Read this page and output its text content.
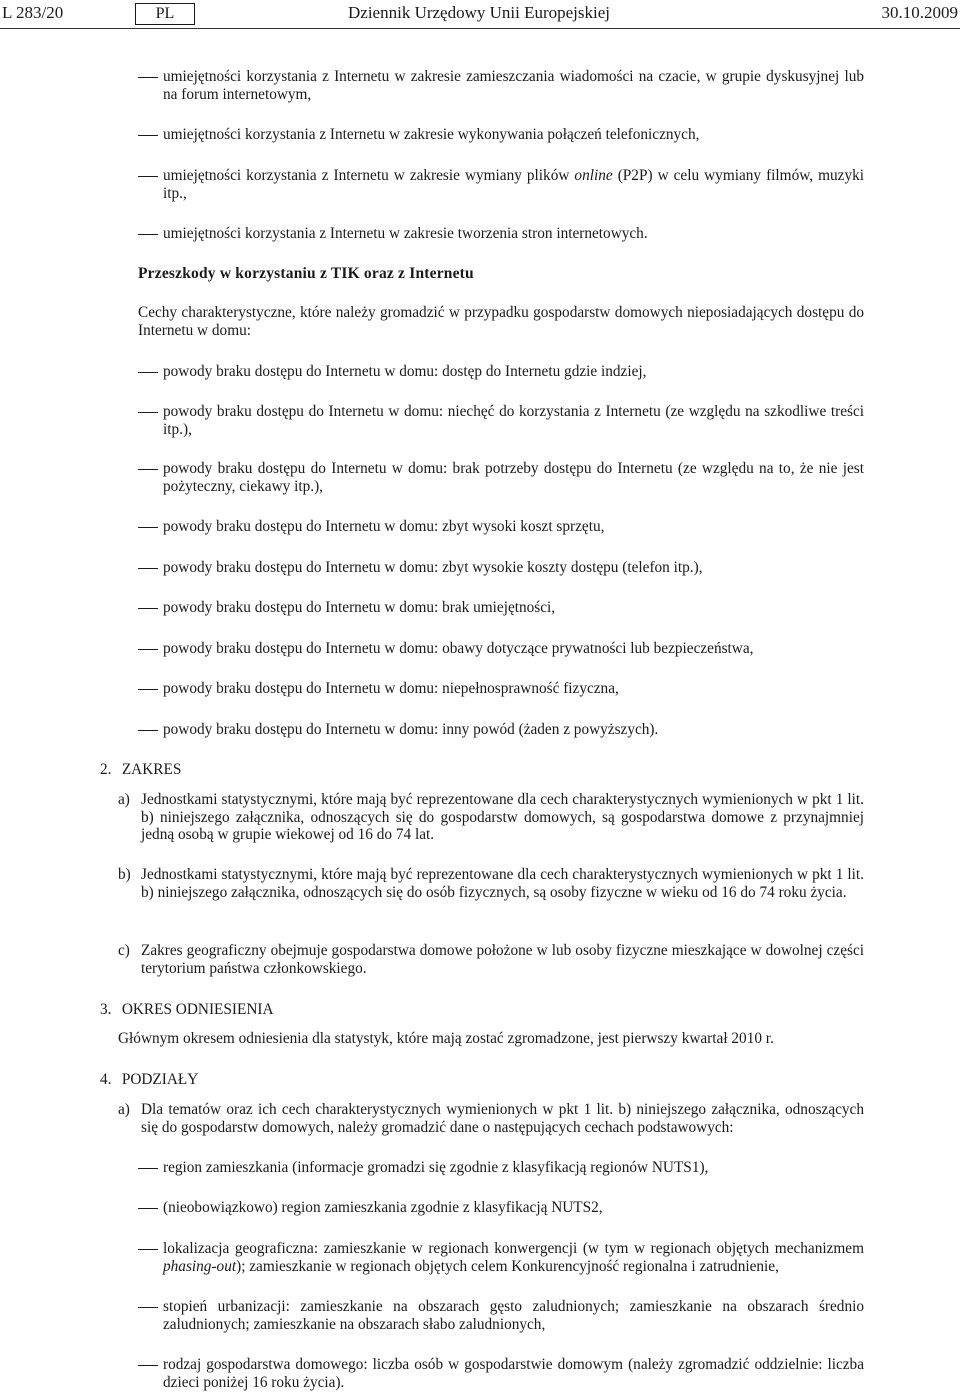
L 283/20	PL	Dziennik Urzędowy Unii Europejskiej	30.10.2009
umiejętności korzystania z Internetu w zakresie zamieszczania wiadomości na czacie, w grupie dyskusyjnej lub na forum internetowym,
umiejętności korzystania z Internetu w zakresie wykonywania połączeń telefonicznych,
umiejętności korzystania z Internetu w zakresie wymiany plików online (P2P) w celu wymiany filmów, muzyki itp.,
umiejętności korzystania z Internetu w zakresie tworzenia stron internetowych.
Przeszkody w korzystaniu z TIK oraz z Internetu
Cechy charakterystyczne, które należy gromadzić w przypadku gospodarstw domowych nieposiadających dostępu do Internetu w domu:
powody braku dostępu do Internetu w domu: dostęp do Internetu gdzie indziej,
powody braku dostępu do Internetu w domu: niechęć do korzystania z Internetu (ze względu na szkodliwe treści itp.),
powody braku dostępu do Internetu w domu: brak potrzeby dostępu do Internetu (ze względu na to, że nie jest pożyteczny, ciekawy itp.),
powody braku dostępu do Internetu w domu: zbyt wysoki koszt sprzętu,
powody braku dostępu do Internetu w domu: zbyt wysokie koszty dostępu (telefon itp.),
powody braku dostępu do Internetu w domu: brak umiejętności,
powody braku dostępu do Internetu w domu: obawy dotyczące prywatności lub bezpieczeństwa,
powody braku dostępu do Internetu w domu: niepełnosprawność fizyczna,
powody braku dostępu do Internetu w domu: inny powód (żaden z powyższych).
2. ZAKRES
a) Jednostkami statystycznymi, które mają być reprezentowane dla cech charakterystycznych wymienionych w pkt 1 lit. b) niniejszego załącznika, odnoszących się do gospodarstw domowych, są gospodarstwa domowe z przynajmniej jedną osobą w grupie wiekowej od 16 do 74 lat.
b) Jednostkami statystycznymi, które mają być reprezentowane dla cech charakterystycznych wymienionych w pkt 1 lit. b) niniejszego załącznika, odnoszących się do osób fizycznych, są osoby fizyczne w wieku od 16 do 74 roku życia.
c) Zakres geograficzny obejmuje gospodarstwa domowe położone w lub osoby fizyczne mieszkające w dowolnej części terytorium państwa członkowskiego.
3. OKRES ODNIESIENIA
Głównym okresem odniesienia dla statystyk, które mają zostać zgromadzone, jest pierwszy kwartał 2010 r.
4. PODZIAŁY
a) Dla tematów oraz ich cech charakterystycznych wymienionych w pkt 1 lit. b) niniejszego załącznika, odnoszących się do gospodarstw domowych, należy gromadzić dane o następujących cechach podstawowych:
region zamieszkania (informacje gromadzi się zgodnie z klasyfikacją regionów NUTS1),
(nieobowiązkowo) region zamieszkania zgodnie z klasyfikacją NUTS2,
lokalizacja geograficzna: zamieszkanie w regionach konwergencji (w tym w regionach objętych mechanizmem phasing-out); zamieszkanie w regionach objętych celem Konkurencyjność regionalna i zatrudnienie,
stopień urbanizacji: zamieszkanie na obszarach gęsto zaludnionych; zamieszkanie na obszarach średnio zaludnionych; zamieszkanie na obszarach słabo zaludnionych,
rodzaj gospodarstwa domowego: liczba osób w gospodarstwie domowym (należy zgromadzić oddzielnie: liczba dzieci poniżej 16 roku życia).
